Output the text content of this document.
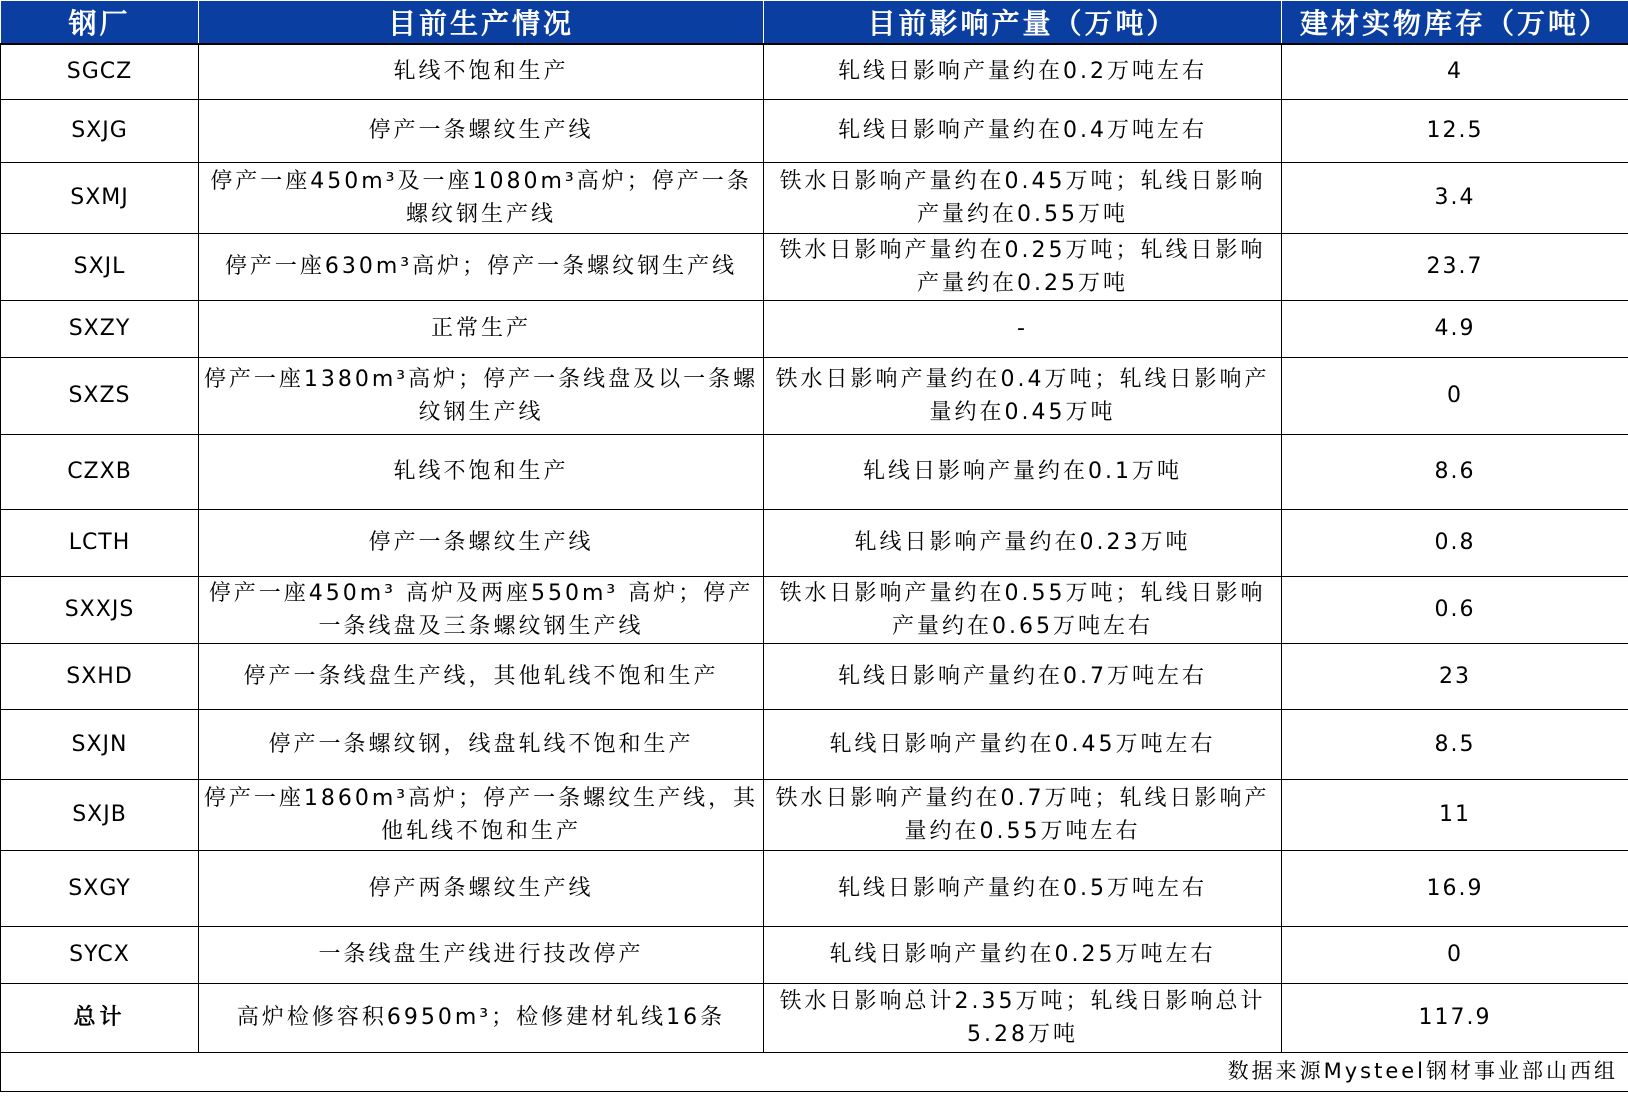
钢厂	目前生产情况	目前影响产量（万吨）	建材实物库存（万吨）
SGCZ	轧线不饱和生产	轧线日影响产量约在0.2万吨左右	4
SXJG	停产一条螺纹生产线	轧线日影响产量约在0.4万吨左右	12.5
SXMJ	停产一座450m³及一座1080m³高炉；停产一条螺纹钢生产线	铁水日影响产量约在0.45万吨；轧线日影响产量约在0.55万吨	3.4
SXJL	停产一座630m³高炉；停产一条螺纹钢生产线	铁水日影响产量约在0.25万吨；轧线日影响产量约在0.25万吨	23.7
SXZY	正常生产	-	4.9
SXZS	停产一座1380m³高炉；停产一条线盘及以一条螺纹钢生产线	铁水日影响产量约在0.4万吨；轧线日影响产量约在0.45万吨	0
CZXB	轧线不饱和生产	轧线日影响产量约在0.1万吨	8.6
LCTH	停产一条螺纹生产线	轧线日影响产量约在0.23万吨	0.8
SXXJS	停产一座450m³ 高炉及两座550m³ 高炉；停产一条线盘及三条螺纹钢生产线	铁水日影响产量约在0.55万吨；轧线日影响产量约在0.65万吨左右	0.6
SXHD	停产一条线盘生产线，其他轧线不饱和生产	轧线日影响产量约在0.7万吨左右	23
SXJN	停产一条螺纹钢，线盘轧线不饱和生产	轧线日影响产量约在0.45万吨左右	8.5
SXJB	停产一座1860m³高炉；停产一条螺纹生产线，其他轧线不饱和生产	铁水日影响产量约在0.7万吨；轧线日影响产量约在0.55万吨左右	11
SXGY	停产两条螺纹生产线	轧线日影响产量约在0.5万吨左右	16.9
SYCX	一条线盘生产线进行技改停产	轧线日影响产量约在0.25万吨左右	0
总计	高炉检修容积6950m³；检修建材轧线16条	铁水日影响总计2.35万吨；轧线日影响总计5.28万吨	117.9
数据来源Mysteel钢材事业部山西组			
